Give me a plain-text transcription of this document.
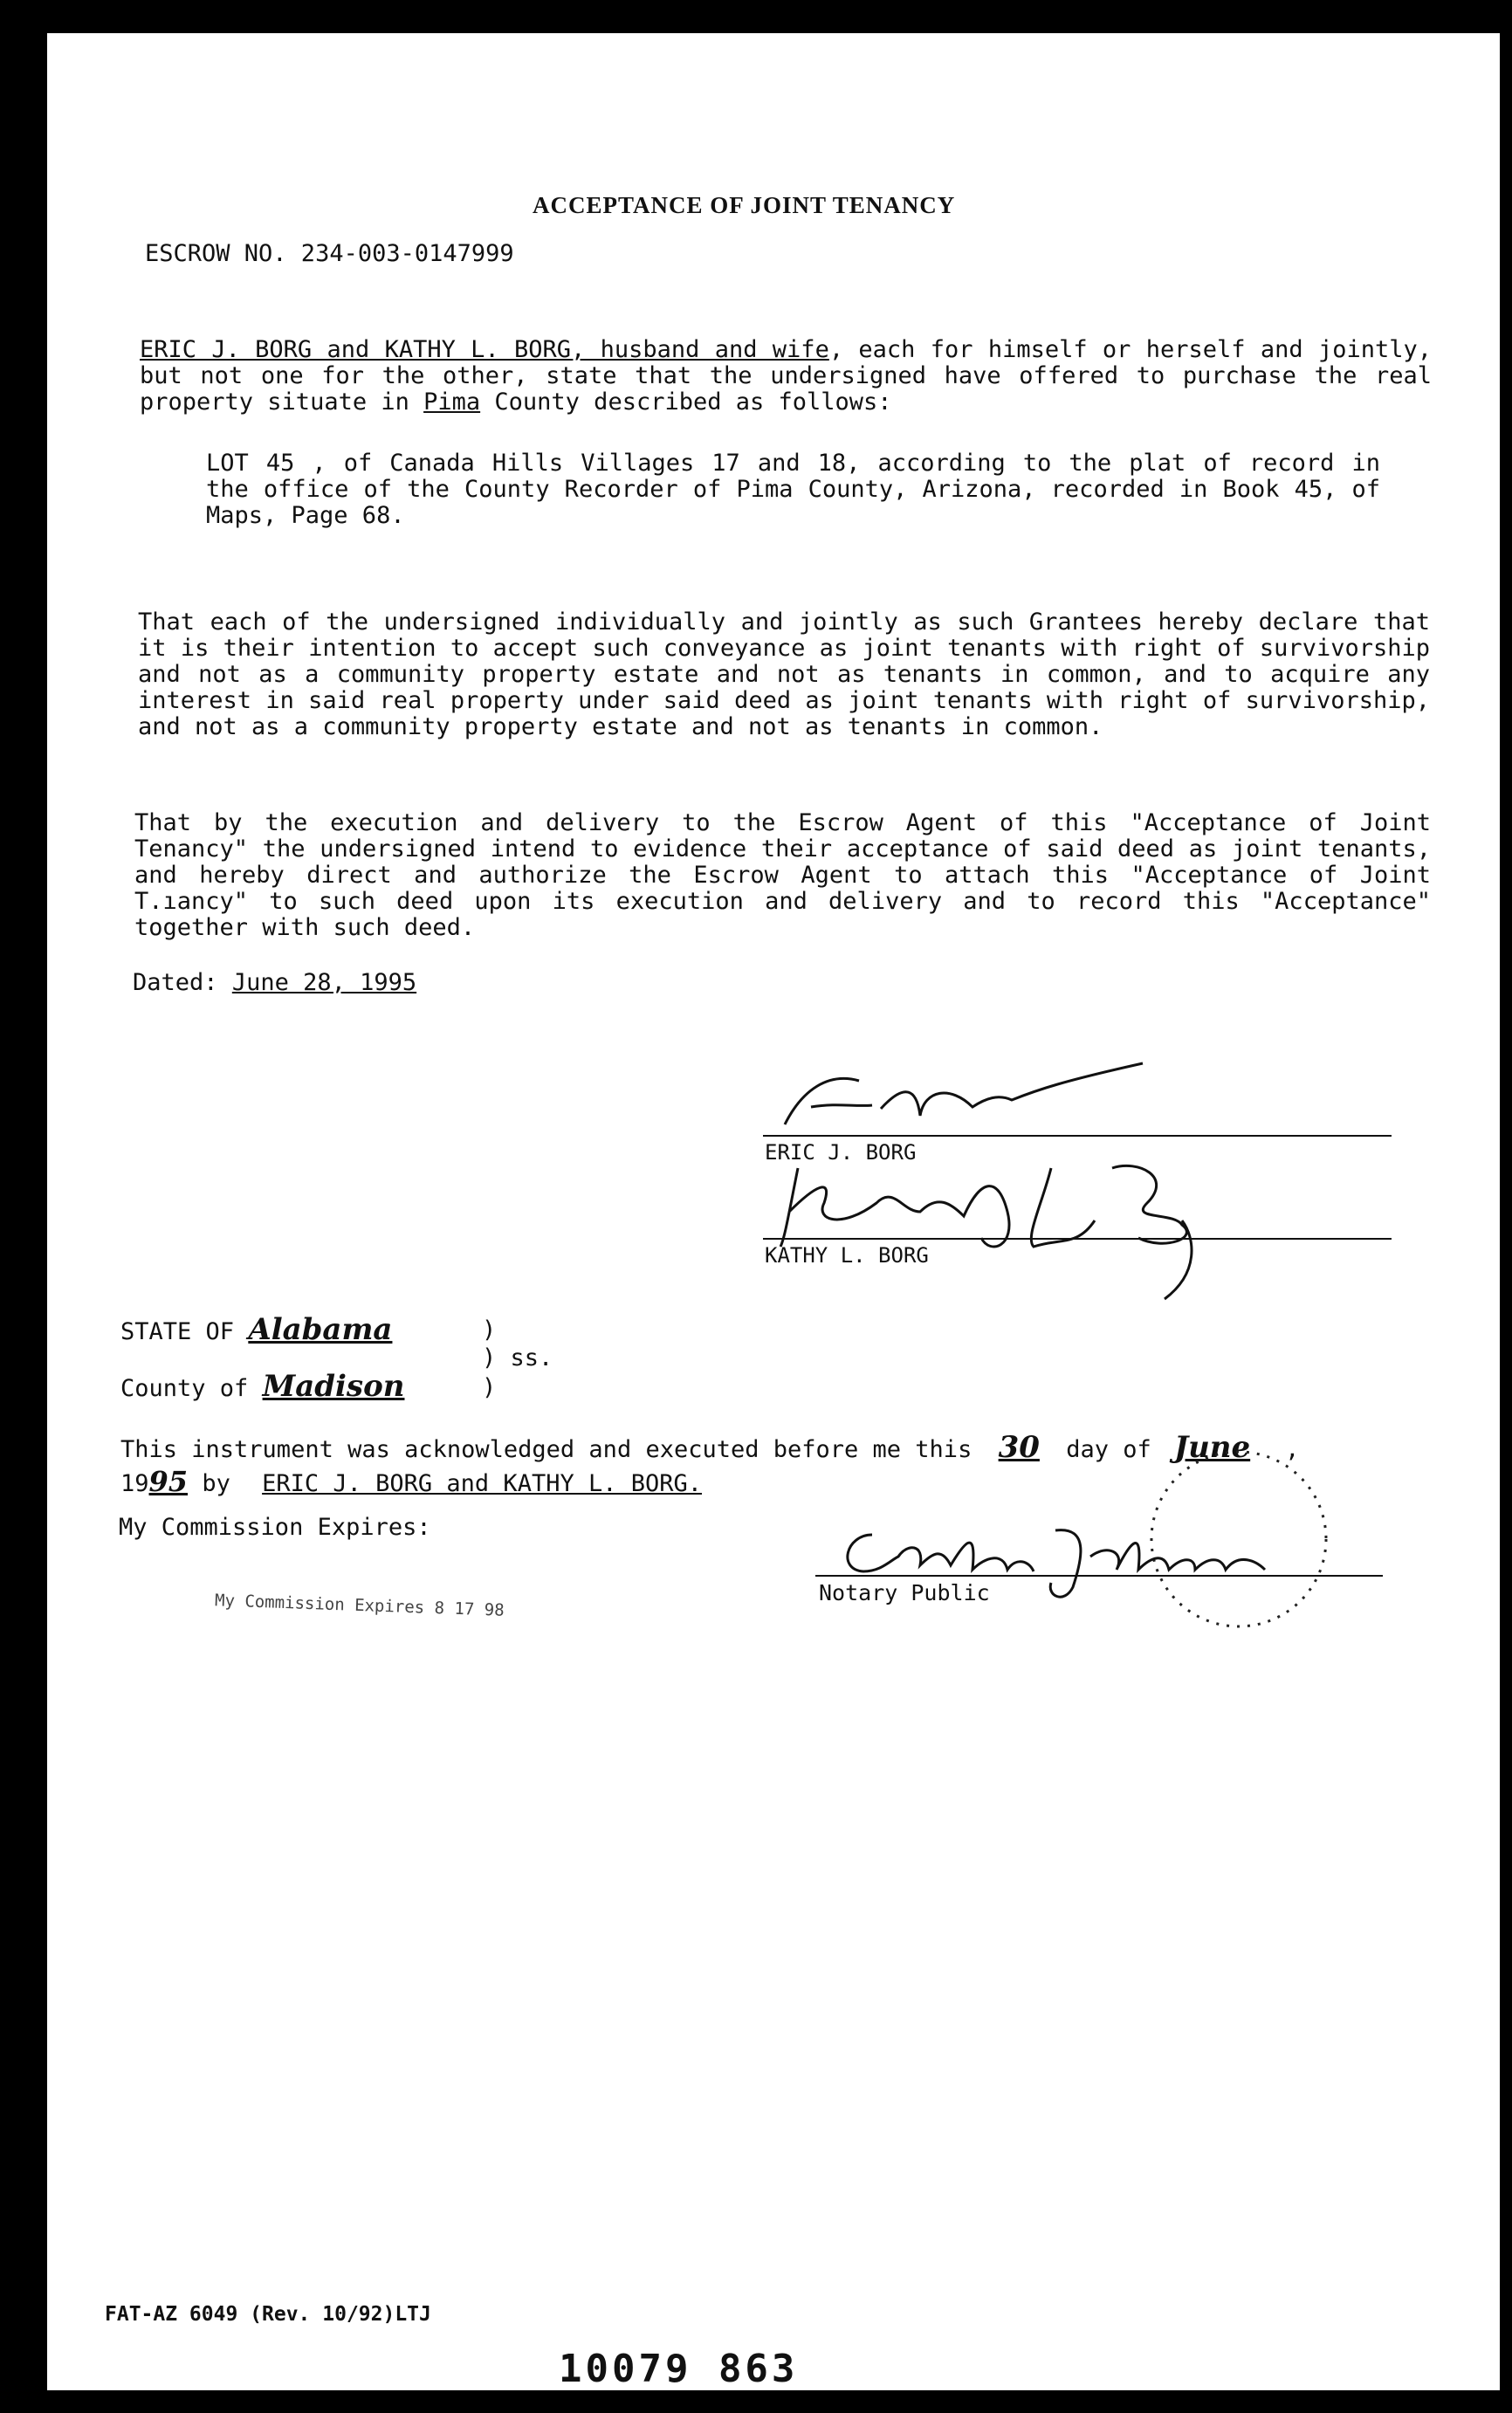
ACCEPTANCE OF JOINT TENANCY
ESCROW NO. 234-003-0147999
ERIC J. BORG and KATHY L. BORG, husband and wife, each for himself or herself and jointly, but not one for the other, state that the undersigned have offered to purchase the real property situate in Pima County described as follows:
LOT 45 , of Canada Hills Villages 17 and 18, according to the plat of record in the office of the County Recorder of Pima County, Arizona, recorded in Book 45, of Maps, Page 68.
That each of the undersigned individually and jointly as such Grantees hereby declare that it is their intention to accept such conveyance as joint tenants with right of survivorship and not as a community property estate and not as tenants in common, and to acquire any interest in said real property under said deed as joint tenants with right of survivorship, and not as a community property estate and not as tenants in common.
That by the execution and delivery to the Escrow Agent of this "Acceptance of Joint Tenancy" the undersigned intend to evidence their acceptance of said deed as joint tenants, and hereby direct and authorize the Escrow Agent to attach this "Acceptance of Joint T.ıancy" to such deed upon its execution and delivery and to record this "Acceptance" together with such deed.
Dated: June 28, 1995
ERIC J. BORG
KATHY L. BORG
STATE OF Alabama
County of Madison
)
) ss.
)
This instrument was acknowledged and executed before me this 30 day of June ,
1995 by ERIC J. BORG and KATHY L. BORG.
My Commission Expires:
My Commission Expires 8 17 98	Notary Public
FAT-AZ 6049 (Rev. 10/92)LTJ
10079 863
